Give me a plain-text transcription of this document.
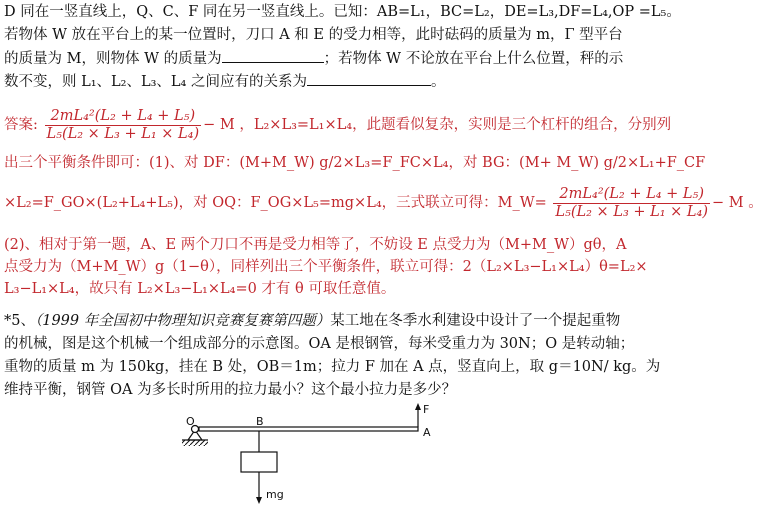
D 同在一竖直线上，Q、C、F 同在另一竖直线上。已知：AB=L₁，BC=L₂，DE=L₃,DF=L₄,OP =L₅。
若物体 W 放在平台上的某一位置时，刀口 A 和 E 的受力相等，此时砝码的质量为 m，Γ 型平台
的质量为 M，则物体 W 的质量为	；若物体 W 不论放在平台上什么位置，秤的示
数不变，则 L₁、L₂、L₃、L₄ 之间应有的关系为	。
答案: $\frac{\text{2mL₄²(L₂ + L₄ + L₅)}}{\text{L₅(L₂ × L₃ + L₁ × L₄)}} - M$ ，L₂×L₃=L₁×L₄，此题看似复杂，实则是三个杠杆的组合，分别列
出三个平衡条件即可：(1)、对 DF：(M+M_W) g/2×L₃=F_FC×L₄，对 BG：(M+ M_W) g/2×L₁+F_CF
×L₂=F_GO×(L₂+L₄+L₅)，对 OQ：F_OG×L₅=mg×L₄，三式联立可得：M_W= $\frac{\text{2mL₄²(L₂ + L₄ + L₅)}}{\text{L₅(L₂ × L₃ + L₁ × L₄)}} - M$ 。
(2)、相对于第一题，A、E 两个刀口不再是受力相等了，不妨设 E 点受力为（M+M_W）gθ，A
点受力为（M+M_W）g（1−θ），同样列出三个平衡条件，联立可得：2（L₂×L₃−L₁×L₄）θ=L₂×
L₃−L₁×L₄，故只有 L₂×L₃−L₁×L₄=0 才有 θ 可取任意值。
*5、（1999 年全国初中物理知识竞赛复赛第四题）某工地在冬季水利建设中设计了一个提起重物
的机械，图是这个机械一个组成部分的示意图。OA 是根钢管，每米受重力为 30N；O 是转动轴；
重物的质量 m 为 150kg，挂在 B 处，OB＝1m；拉力 F 加在 A 点，竖直向上，取 g＝10N/ kg。为
维持平衡，钢管 OA 为多长时所用的拉力最小？这个最小拉力是多少？
O	B
A
F
mg
